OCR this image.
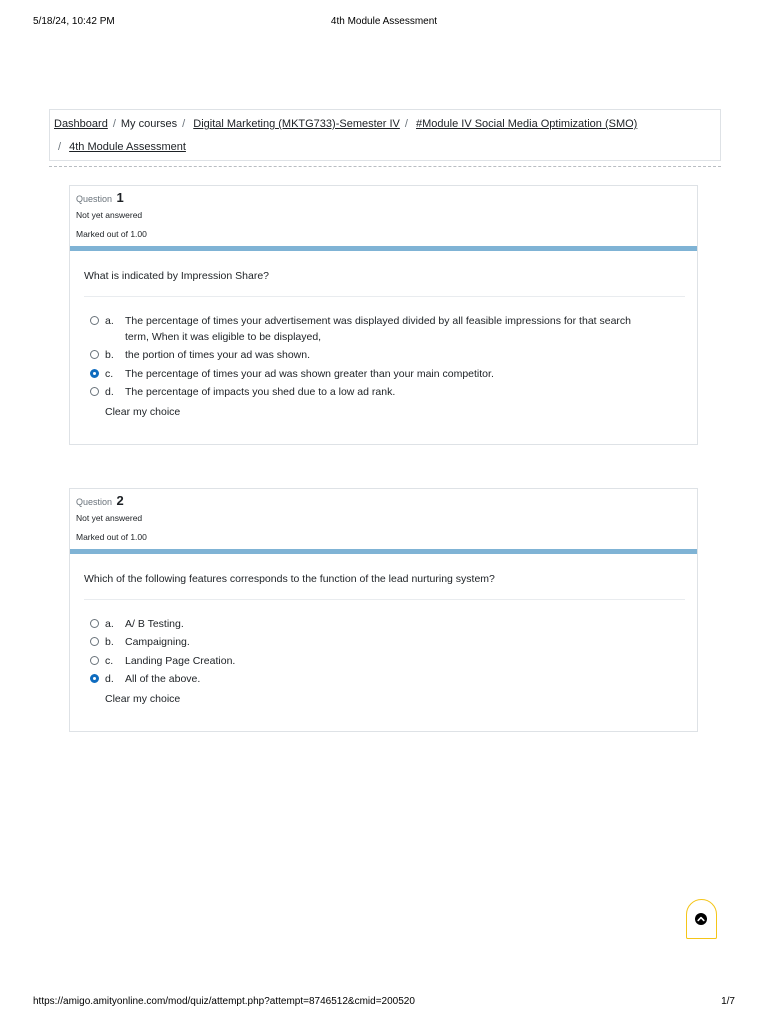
5/18/24, 10:42 PM	4th Module Assessment
Dashboard / My courses / Digital Marketing (MKTG733)-Semester IV / #Module IV Social Media Optimization (SMO)
/ 4th Module Assessment
Question 1
Not yet answered
Marked out of 1.00
What is indicated by Impression Share?
a. The percentage of times your advertisement was displayed divided by all feasible impressions for that search
term, When it was eligible to be displayed,
b. the portion of times your ad was shown.
c. The percentage of times your ad was shown greater than your main competitor.
d. The percentage of impacts you shed due to a low ad rank.
Clear my choice
Question 2
Not yet answered
Marked out of 1.00
Which of the following features corresponds to the function of the lead nurturing system?
a. A/ B Testing.
b. Campaigning.
c. Landing Page Creation.
d. All of the above.
Clear my choice
https://amigo.amityonline.com/mod/quiz/attempt.php?attempt=8746512&cmid=200520	1/7
